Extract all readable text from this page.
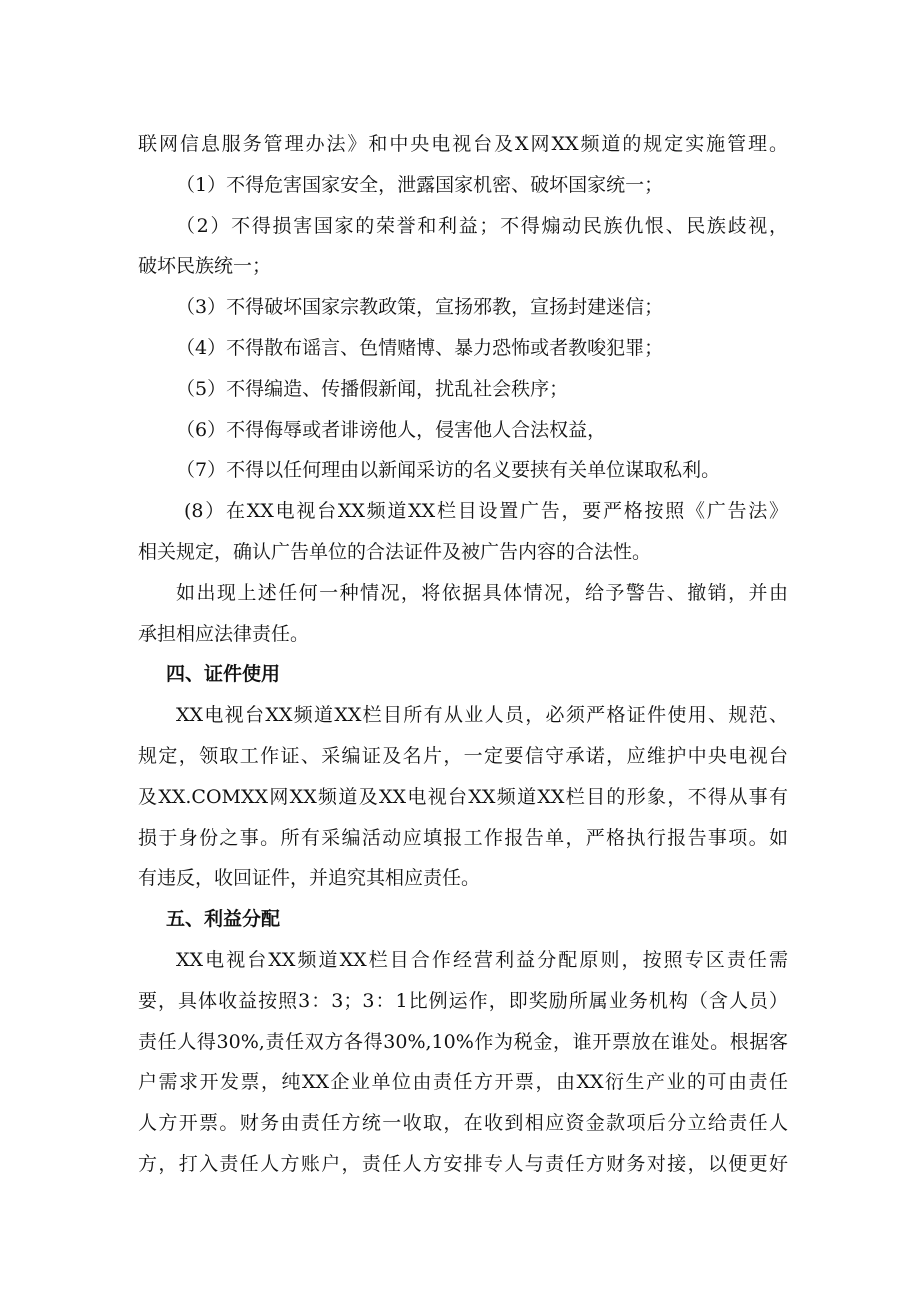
联网信息服务管理办法》和中央电视台及X网XX频道的规定实施管理。
（1）不得危害国家安全，泄露国家机密、破坏国家统一；
（2）不得损害国家的荣誉和利益；不得煽动民族仇恨、民族歧视，
破坏民族统一；
（3）不得破坏国家宗教政策，宣扬邪教，宣扬封建迷信；
（4）不得散布谣言、色情赌博、暴力恐怖或者教唆犯罪；
（5）不得编造、传播假新闻，扰乱社会秩序；
（6）不得侮辱或者诽谤他人，侵害他人合法权益，
（7）不得以任何理由以新闻采访的名义要挟有关单位谋取私利。
(8）在XX电视台XX频道XX栏目设置广告，要严格按照《广告法》
相关规定，确认广告单位的合法证件及被广告内容的合法性。
如出现上述任何一种情况，将依据具体情况，给予警告、撤销，并由
承担相应法律责任。
四、证件使用
XX电视台XX频道XX栏目所有从业人员，必须严格证件使用、规范、
规定，领取工作证、采编证及名片，一定要信守承诺，应维护中央电视台
及XX.COMXX网XX频道及XX电视台XX频道XX栏目的形象，不得从事有
损于身份之事。所有采编活动应填报工作报告单，严格执行报告事项。如
有违反，收回证件，并追究其相应责任。
五、利益分配
XX电视台XX频道XX栏目合作经营利益分配原则，按照专区责任需
要，具体收益按照3：3；3：1比例运作，即奖励所属业务机构（含人员）
责任人得30%,责任双方各得30%,10%作为税金，谁开票放在谁处。根据客
户需求开发票，纯XX企业单位由责任方开票，由XX衍生产业的可由责任
人方开票。财务由责任方统一收取，在收到相应资金款项后分立给责任人
方，打入责任人方账户，责任人方安排专人与责任方财务对接，以便更好
